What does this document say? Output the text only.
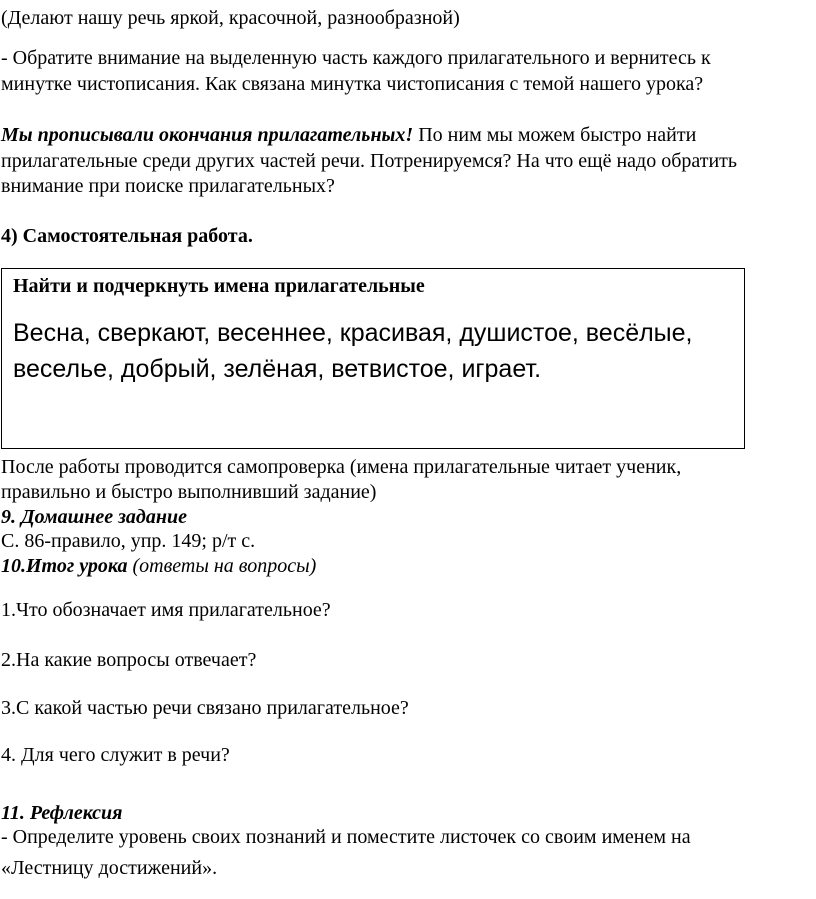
(Делают нашу речь яркой, красочной, разнообразной)

- Обратите внимание на выделенную часть каждого прилагательного и вернитесь к

минутке чистописания. Как связана минутка чистописания с темой нашего урока?

Мы прописывали окончания прилагательных! По ним мы можем быстро найти

прилагательные среди других частей речи. Потренируемся? На что ещё надо обратить

внимание при поиске прилагательных?

4) Самостоятельная работа.

Найти и подчеркнуть имена прилагательные
Весна, сверкают, весеннее, красивая, душистое, весёлые, веселье, добрый, зелёная, ветвистое, играет.

После работы проводится самопроверка (имена прилагательные читает ученик,

правильно и быстро выполнивший задание)

9. Домашнее задание

С. 86-правило, упр. 149; р/т с.

10.Итог урока (ответы на вопросы)

1.Что обозначает имя прилагательное?

2.На какие вопросы отвечает?

3.С какой частью речи связано прилагательное?

4. Для чего служит в речи?

11. Рефлексия

- Определите уровень своих познаний и поместите листочек со своим именем на

«Лестницу достижений».
